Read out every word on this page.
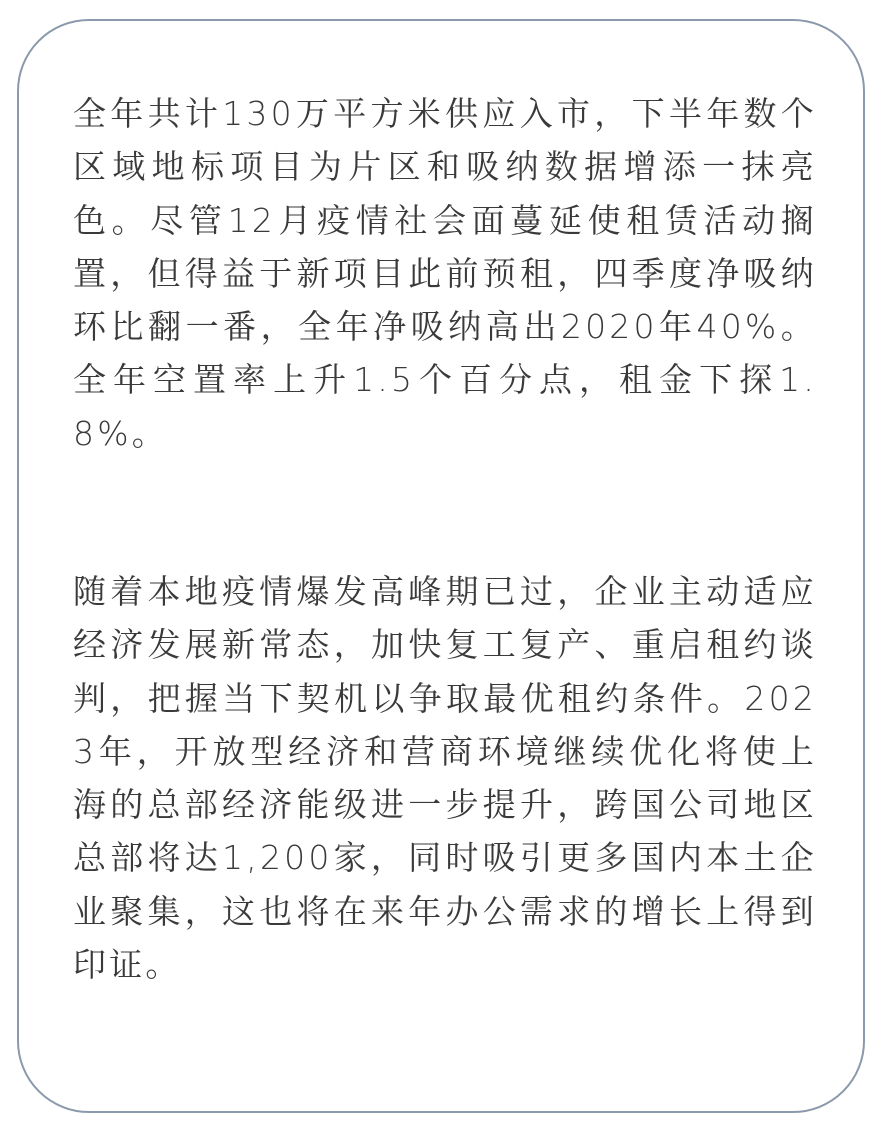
全年共计130万平方米供应入市，下半年数个区域地标项目为片区和吸纳数据增添一抹亮色。尽管12月疫情社会面蔓延使租赁活动搁置，但得益于新项目此前预租，四季度净吸纳环比翻一番，全年净吸纳高出2020年40%。全年空置率上升1.5个百分点，租金下探1.8%。

随着本地疫情爆发高峰期已过，企业主动适应经济发展新常态，加快复工复产、重启租约谈判，把握当下契机以争取最优租约条件。2023年，开放型经济和营商环境继续优化将使上海的总部经济能级进一步提升，跨国公司地区总部将达1,200家，同时吸引更多国内本土企业聚集，这也将在来年办公需求的增长上得到印证。
